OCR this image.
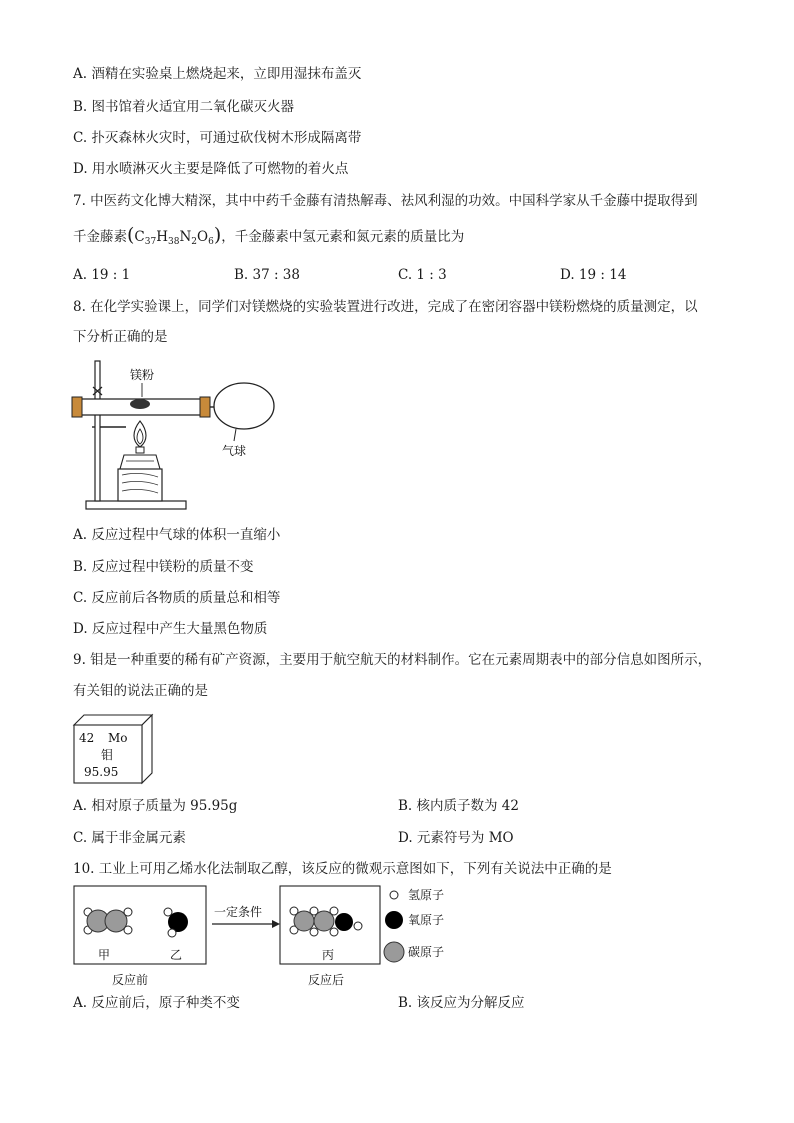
A. 酒精在实验桌上燃烧起来，立即用湿抹布盖灭
B. 图书馆着火适宜用二氧化碳灭火器
C. 扑灭森林火灾时，可通过砍伐树木形成隔离带
D. 用水喷淋灭火主要是降低了可燃物的着火点
7. 中医药文化博大精深，其中中药千金藤有清热解毒、祛风利湿的功效。中国科学家从千金藤中提取得到
千金藤素$(C_{37}H_{38}N_2O_6)$，千金藤素中氢元素和氮元素的质量比为
A. 19 : 1	B. 37 : 38	C. 1 : 3	D. 19 : 14
8. 在化学实验课上，同学们对镁燃烧的实验装置进行改进，完成了在密闭容器中镁粉燃烧的质量测定，以
下分析正确的是
镁粉
气球
A. 反应过程中气球的体积一直缩小
B. 反应过程中镁粉的质量不变
C. 反应前后各物质的质量总和相等
D. 反应过程中产生大量黑色物质
9. 钼是一种重要的稀有矿产资源，主要用于航空航天的材料制作。它在元素周期表中的部分信息如图所示，
有关钼的说法正确的是
42 Mo
钼
95.95
A. 相对原子质量为 95.95g	B. 核内质子数为 42
C. 属于非金属元素	D. 元素符号为 MO
10. 工业上可用乙烯水化法制取乙醇，该反应的微观示意图如下，下列有关说法中正确的是
甲	乙
反应前
一定条件
丙
反应后
氢原子
氧原子
碳原子
A. 反应前后，原子种类不变	B. 该反应为分解反应
